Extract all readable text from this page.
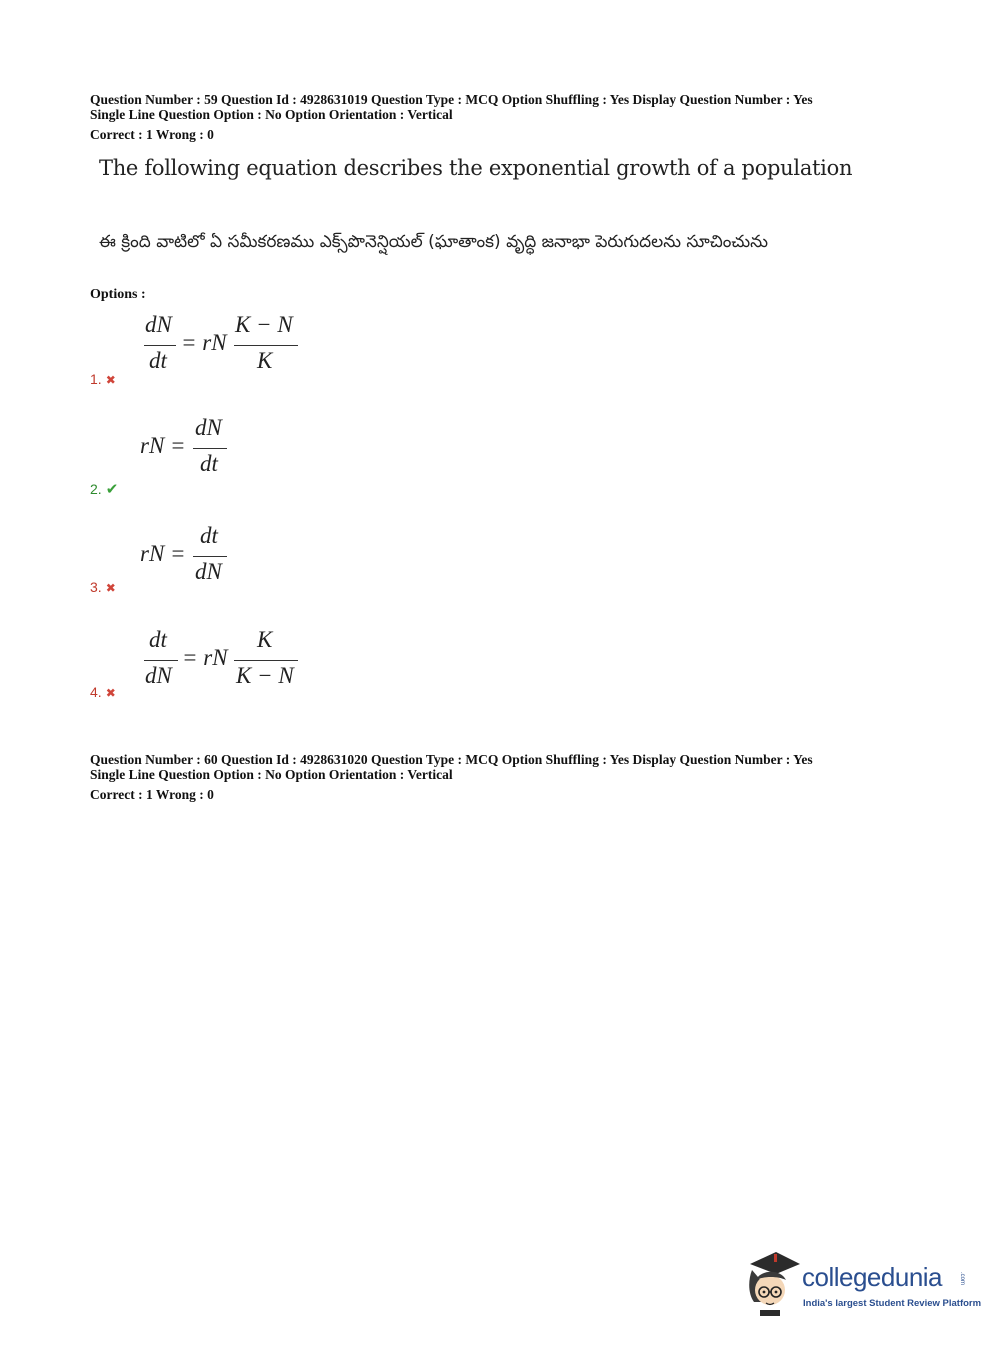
Question Number : 59 Question Id : 4928631019 Question Type : MCQ Option Shuffling : Yes Display Question Number : Yes
Single Line Question Option : No Option Orientation : Vertical
Correct : 1 Wrong : 0
The following equation describes the exponential growth of a population
ఈ క్రింది వాటిలో ఏ సమీకరణము ఎక్స్‌పొనెన్షియల్ (ఘాతాంక) వృద్ధి జనాభా పెరుగుదలను సూచించును
Options :
dN
dt
= rN
K − N
K
1. ✖
rN =
dN
dt
2. ✔
rN =
dt
dN
3. ✖
dt
dN
= rN
K
K − N
4. ✖
Question Number : 60 Question Id : 4928631020 Question Type : MCQ Option Shuffling : Yes Display Question Number : Yes
Single Line Question Option : No Option Orientation : Vertical
Correct : 1 Wrong : 0
collegedunia	.com
India's largest Student Review Platform
